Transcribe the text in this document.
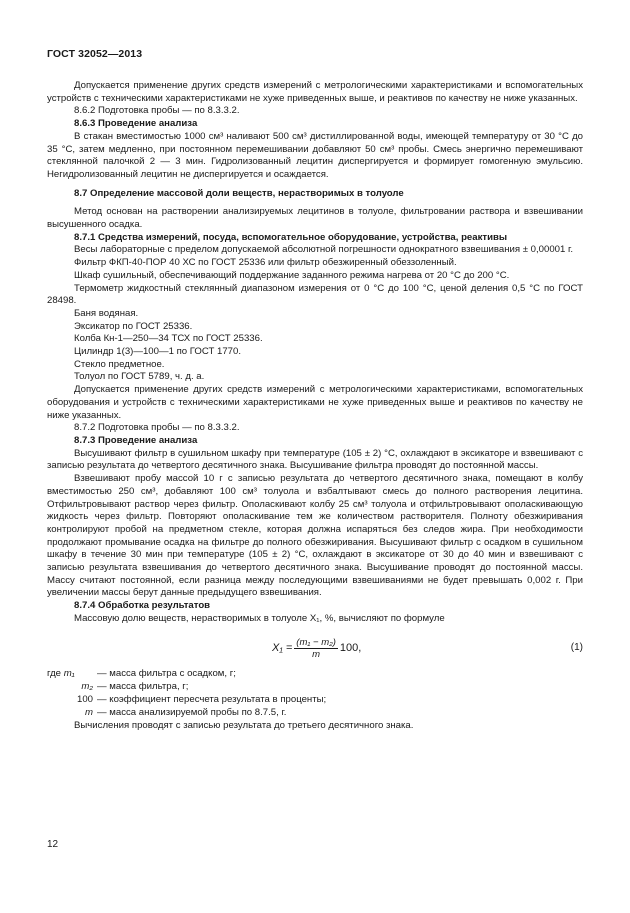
ГОСТ 32052—2013

Допускается применение других средств измерений с метрологическими характеристиками и вспомогательных устройств с техническими характеристиками не хуже приведенных выше, и реактивов по качеству не ниже указанных.

8.6.2 Подготовка пробы — по 8.3.3.2.

8.6.3 Проведение анализа

В стакан вместимостью 1000 см³ наливают 500 см³ дистиллированной воды, имеющей температуру от 30 °С до 35 °С, затем медленно, при постоянном перемешивании добавляют 50 см³ пробы. Смесь энергично перемешивают стеклянной палочкой 2 — 3 мин. Гидролизованный лецитин диспергируется и формирует гомогенную эмульсию. Негидролизованный лецитин не диспергируется и осаждается.

8.7 Определение массовой доли веществ, нерастворимых в толуоле

Метод основан на растворении анализируемых лецитинов в толуоле, фильтровании раствора и взвешивании высушенного осадка.

8.7.1 Средства измерений, посуда, вспомогательное оборудование, устройства, реактивы

Весы лабораторные с пределом допускаемой абсолютной погрешности однократного взвешивания ± 0,00001 г.

Фильтр ФКП-40-ПОР 40 ХС по ГОСТ 25336 или фильтр обезжиренный обеззоленный.

Шкаф сушильный, обеспечивающий поддержание заданного режима нагрева от 20 °С до 200 °С.

Термометр жидкостный стеклянный диапазоном измерения от 0 °С до 100 °С, ценой деления 0,5 °С по ГОСТ 28498.

Баня водяная.

Эксикатор по ГОСТ 25336.

Колба Кн-1—250—34 ТСХ по ГОСТ 25336.

Цилиндр 1(3)—100—1 по ГОСТ 1770.

Стекло предметное.

Толуол по ГОСТ 5789, ч. д. а.

Допускается применение других средств измерений с метрологическими характеристиками, вспомогательных оборудования и устройств с техническими характеристиками не хуже приведенных выше и реактивов по качеству не ниже указанных.

8.7.2 Подготовка пробы — по 8.3.3.2.

8.7.3 Проведение анализа

Высушивают фильтр в сушильном шкафу при температуре (105 ± 2) °С, охлаждают в эксикаторе и взвешивают с записью результата до четвертого десятичного знака. Высушивание фильтра проводят до постоянной массы.

Взвешивают пробу массой 10 г с записью результата до четвертого десятичного знака, помещают в колбу вместимостью 250 см³, добавляют 100 см³ толуола и взбалтывают смесь до полного растворения лецитина. Отфильтровывают раствор через фильтр. Ополаскивают колбу 25 см³ толуола и отфильтровывают ополаскивающую жидкость через фильтр. Повторяют ополаскивание тем же количеством растворителя. Полноту обезжиривания контролируют пробой на предметном стекле, которая должна испаряться без следов жира. При необходимости продолжают промывание осадка на фильтре до полного обезжиривания. Высушивают фильтр с осадком в сушильном шкафу в течение 30 мин при температуре (105 ± 2) °С, охлаждают в эксикаторе от 30 до 40 мин и взвешивают с записью результата взвешивания до четвертого десятичного знака. Высушивание проводят до постоянной массы. Массу считают постоянной, если разница между последующими взвешиваниями не будет превышать 0,002 г. При увеличении массы берут данные предыдущего взвешивания.

8.7.4 Обработка результатов

Массовую долю веществ, нерастворимых в толуоле X₁, %, вычисляют по формуле

$X_1 = \frac{\text{(m₁ − m₂)}}{m} 100$,	(1)
где m₁ — масса фильтра с осадком, г;
m₂ — масса фильтра, г;
100 — коэффициент пересчета результата в проценты;
m — масса анализируемой пробы по 8.7.5, г.

Вычисления проводят с записью результата до третьего десятичного знака.

12
